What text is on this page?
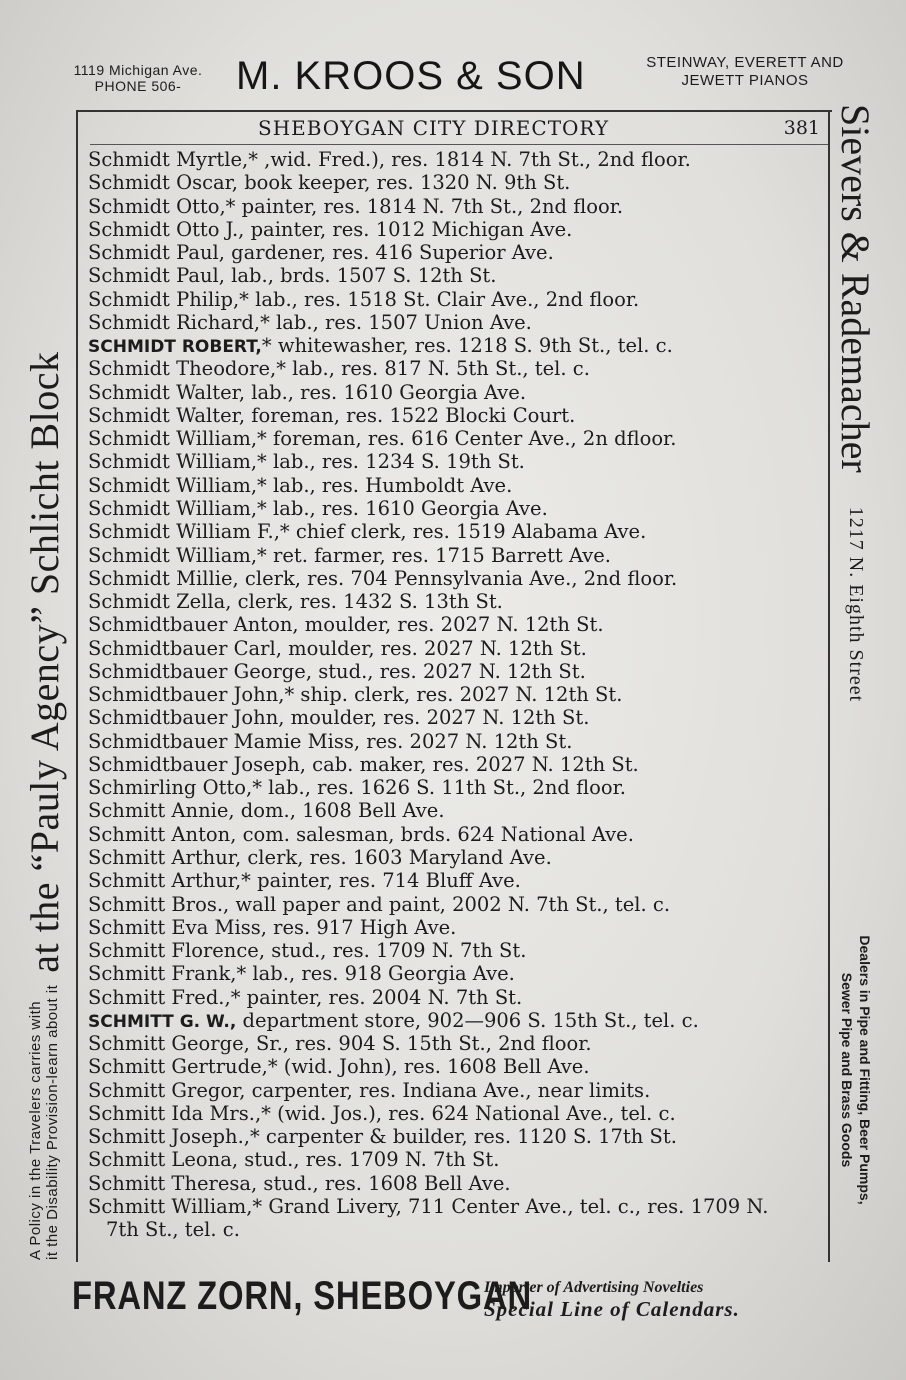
1119 Michigan Ave.
PHONE 506-	M. KROOS & SON	STEINWAY, EVERETT AND
JEWETT PIANOS
SHEBOYGAN CITY DIRECTORY	381
Schmidt Myrtle,* ,wid. Fred.), res. 1814 N. 7th St., 2nd floor.
Schmidt Oscar, book keeper, res. 1320 N. 9th St.
Schmidt Otto,* painter, res. 1814 N. 7th St., 2nd floor.
Schmidt Otto J., painter, res. 1012 Michigan Ave.
Schmidt Paul, gardener, res. 416 Superior Ave.
Schmidt Paul, lab., brds. 1507 S. 12th St.
Schmidt Philip,* lab., res. 1518 St. Clair Ave., 2nd floor.
Schmidt Richard,* lab., res. 1507 Union Ave.
SCHMIDT ROBERT,* whitewasher, res. 1218 S. 9th St., tel. c.
Schmidt Theodore,* lab., res. 817 N. 5th St., tel. c.
Schmidt Walter, lab., res. 1610 Georgia Ave.
Schmidt Walter, foreman, res. 1522 Blocki Court.
Schmidt William,* foreman, res. 616 Center Ave., 2n dfloor.
Schmidt William,* lab., res. 1234 S. 19th St.
Schmidt William,* lab., res. Humboldt Ave.
Schmidt William,* lab., res. 1610 Georgia Ave.
Schmidt William F.,* chief clerk, res. 1519 Alabama Ave.
Schmidt William,* ret. farmer, res. 1715 Barrett Ave.
Schmidt Millie, clerk, res. 704 Pennsylvania Ave., 2nd floor.
Schmidt Zella, clerk, res. 1432 S. 13th St.
Schmidtbauer Anton, moulder, res. 2027 N. 12th St.
Schmidtbauer Carl, moulder, res. 2027 N. 12th St.
Schmidtbauer George, stud., res. 2027 N. 12th St.
Schmidtbauer John,* ship. clerk, res. 2027 N. 12th St.
Schmidtbauer John, moulder, res. 2027 N. 12th St.
Schmidtbauer Mamie Miss, res. 2027 N. 12th St.
Schmidtbauer Joseph, cab. maker, res. 2027 N. 12th St.
Schmirling Otto,* lab., res. 1626 S. 11th St., 2nd floor.
Schmitt Annie, dom., 1608 Bell Ave.
Schmitt Anton, com. salesman, brds. 624 National Ave.
Schmitt Arthur, clerk, res. 1603 Maryland Ave.
Schmitt Arthur,* painter, res. 714 Bluff Ave.
Schmitt Bros., wall paper and paint, 2002 N. 7th St., tel. c.
Schmitt Eva Miss, res. 917 High Ave.
Schmitt Florence, stud., res. 1709 N. 7th St.
Schmitt Frank,* lab., res. 918 Georgia Ave.
Schmitt Fred.,* painter, res. 2004 N. 7th St.
SCHMITT G. W., department store, 902—906 S. 15th St., tel. c.
Schmitt George, Sr., res. 904 S. 15th St., 2nd floor.
Schmitt Gertrude,* (wid. John), res. 1608 Bell Ave.
Schmitt Gregor, carpenter, res. Indiana Ave., near limits.
Schmitt Ida Mrs.,* (wid. Jos.), res. 624 National Ave., tel. c.
Schmitt Joseph.,* carpenter & builder, res. 1120 S. 17th St.
Schmitt Leona, stud., res. 1709 N. 7th St.
Schmitt Theresa, stud., res. 1608 Bell Ave.
Schmitt William,* Grand Livery, 711 Center Ave., tel. c., res. 1709 N.
7th St., tel. c.
A Policy in the Travelers carries with it the Disability Provision-learn about it
at the “Pauly Agency” Schlicht Block
Sievers & Rademacher
1217 N. Eighth Street
Dealers in Pipe and Fitting, Beer Pumps,
Sewer Pipe and Brass Goods
FRANZ ZORN, SHEBOYGAN
Importer of Advertising Novelties
Special Line of Calendars.
